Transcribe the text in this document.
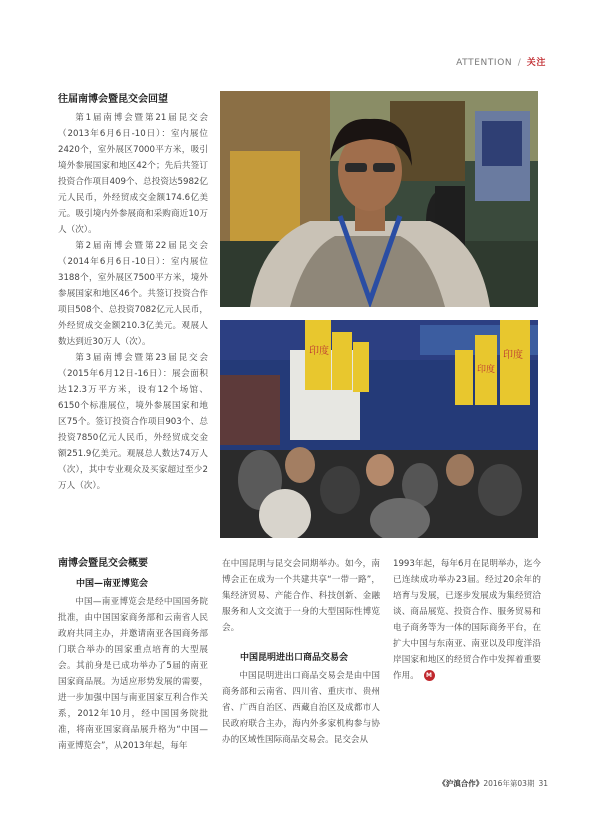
ATTENTION / 关注
往届南博会暨昆交会回望

第1届南博会暨第21届昆交会（2013年6月6日-10日）：室内展位2420个，室外展区7000平方米，吸引境外参展国家和地区42个；先后共签订投资合作项目409个、总投资达5982亿元人民币，外经贸成交金额174.6亿美元。吸引境内外参展商和采购商近10万人（次）。

第2届南博会暨第22届昆交会（2014年6月6日-10日）：室内展位3188个，室外展区7500平方米，境外参展国家和地区46个。共签订投资合作项目508个、总投资7082亿元人民币，外经贸成交金额210.3亿美元。观展人数达到近30万人（次）。

第3届南博会暨第23届昆交会（2015年6月12日-16日）：展会面积达12.3万平方米，设有12个场馆、6150个标准展位，境外参展国家和地区75个。签订投资合作项目903个、总投资7850亿元人民币，外经贸成交金额251.9亿美元。观展总人数达74万人（次），其中专业观众及买家超过至少2万人（次）。

印度	印度
印度
南博会暨昆交会概要
中国—南亚博览会

中国—南亚博览会是经中国国务院批准，由中国国家商务部和云南省人民政府共同主办，并邀请南亚各国商务部门联合举办的国家重点培育的大型展会。其前身是已成功举办了5届的南亚国家商品展。为适应形势发展的需要，进一步加强中国与南亚国家互利合作关系，2012年10月，经中国国务院批准，将南亚国家商品展升格为“中国—南亚博览会”，从2013年起，每年

在中国昆明与昆交会同期举办。如今，南博会正在成为一个共建共享“一带一路”，集经济贸易、产能合作、科技创新、金融服务和人文交流于一身的大型国际性博览会。

中国昆明进出口商品交易会

中国昆明进出口商品交易会是由中国商务部和云南省、四川省、重庆市、贵州省、广西自治区、西藏自治区及成都市人民政府联合主办，海内外多家机构参与协办的区域性国际商品交易会。昆交会从

1993年起，每年6月在昆明举办，迄今已连续成功举办23届。经过20余年的培育与发展，已逐步发展成为集经贸洽谈、商品展览、投资合作、服务贸易和电子商务等为一体的国际商务平台，在扩大中国与东南亚、南亚以及印度洋沿岸国家和地区的经贸合作中发挥着重要作用。 M

《沪滇合作》2016年第03期 31
